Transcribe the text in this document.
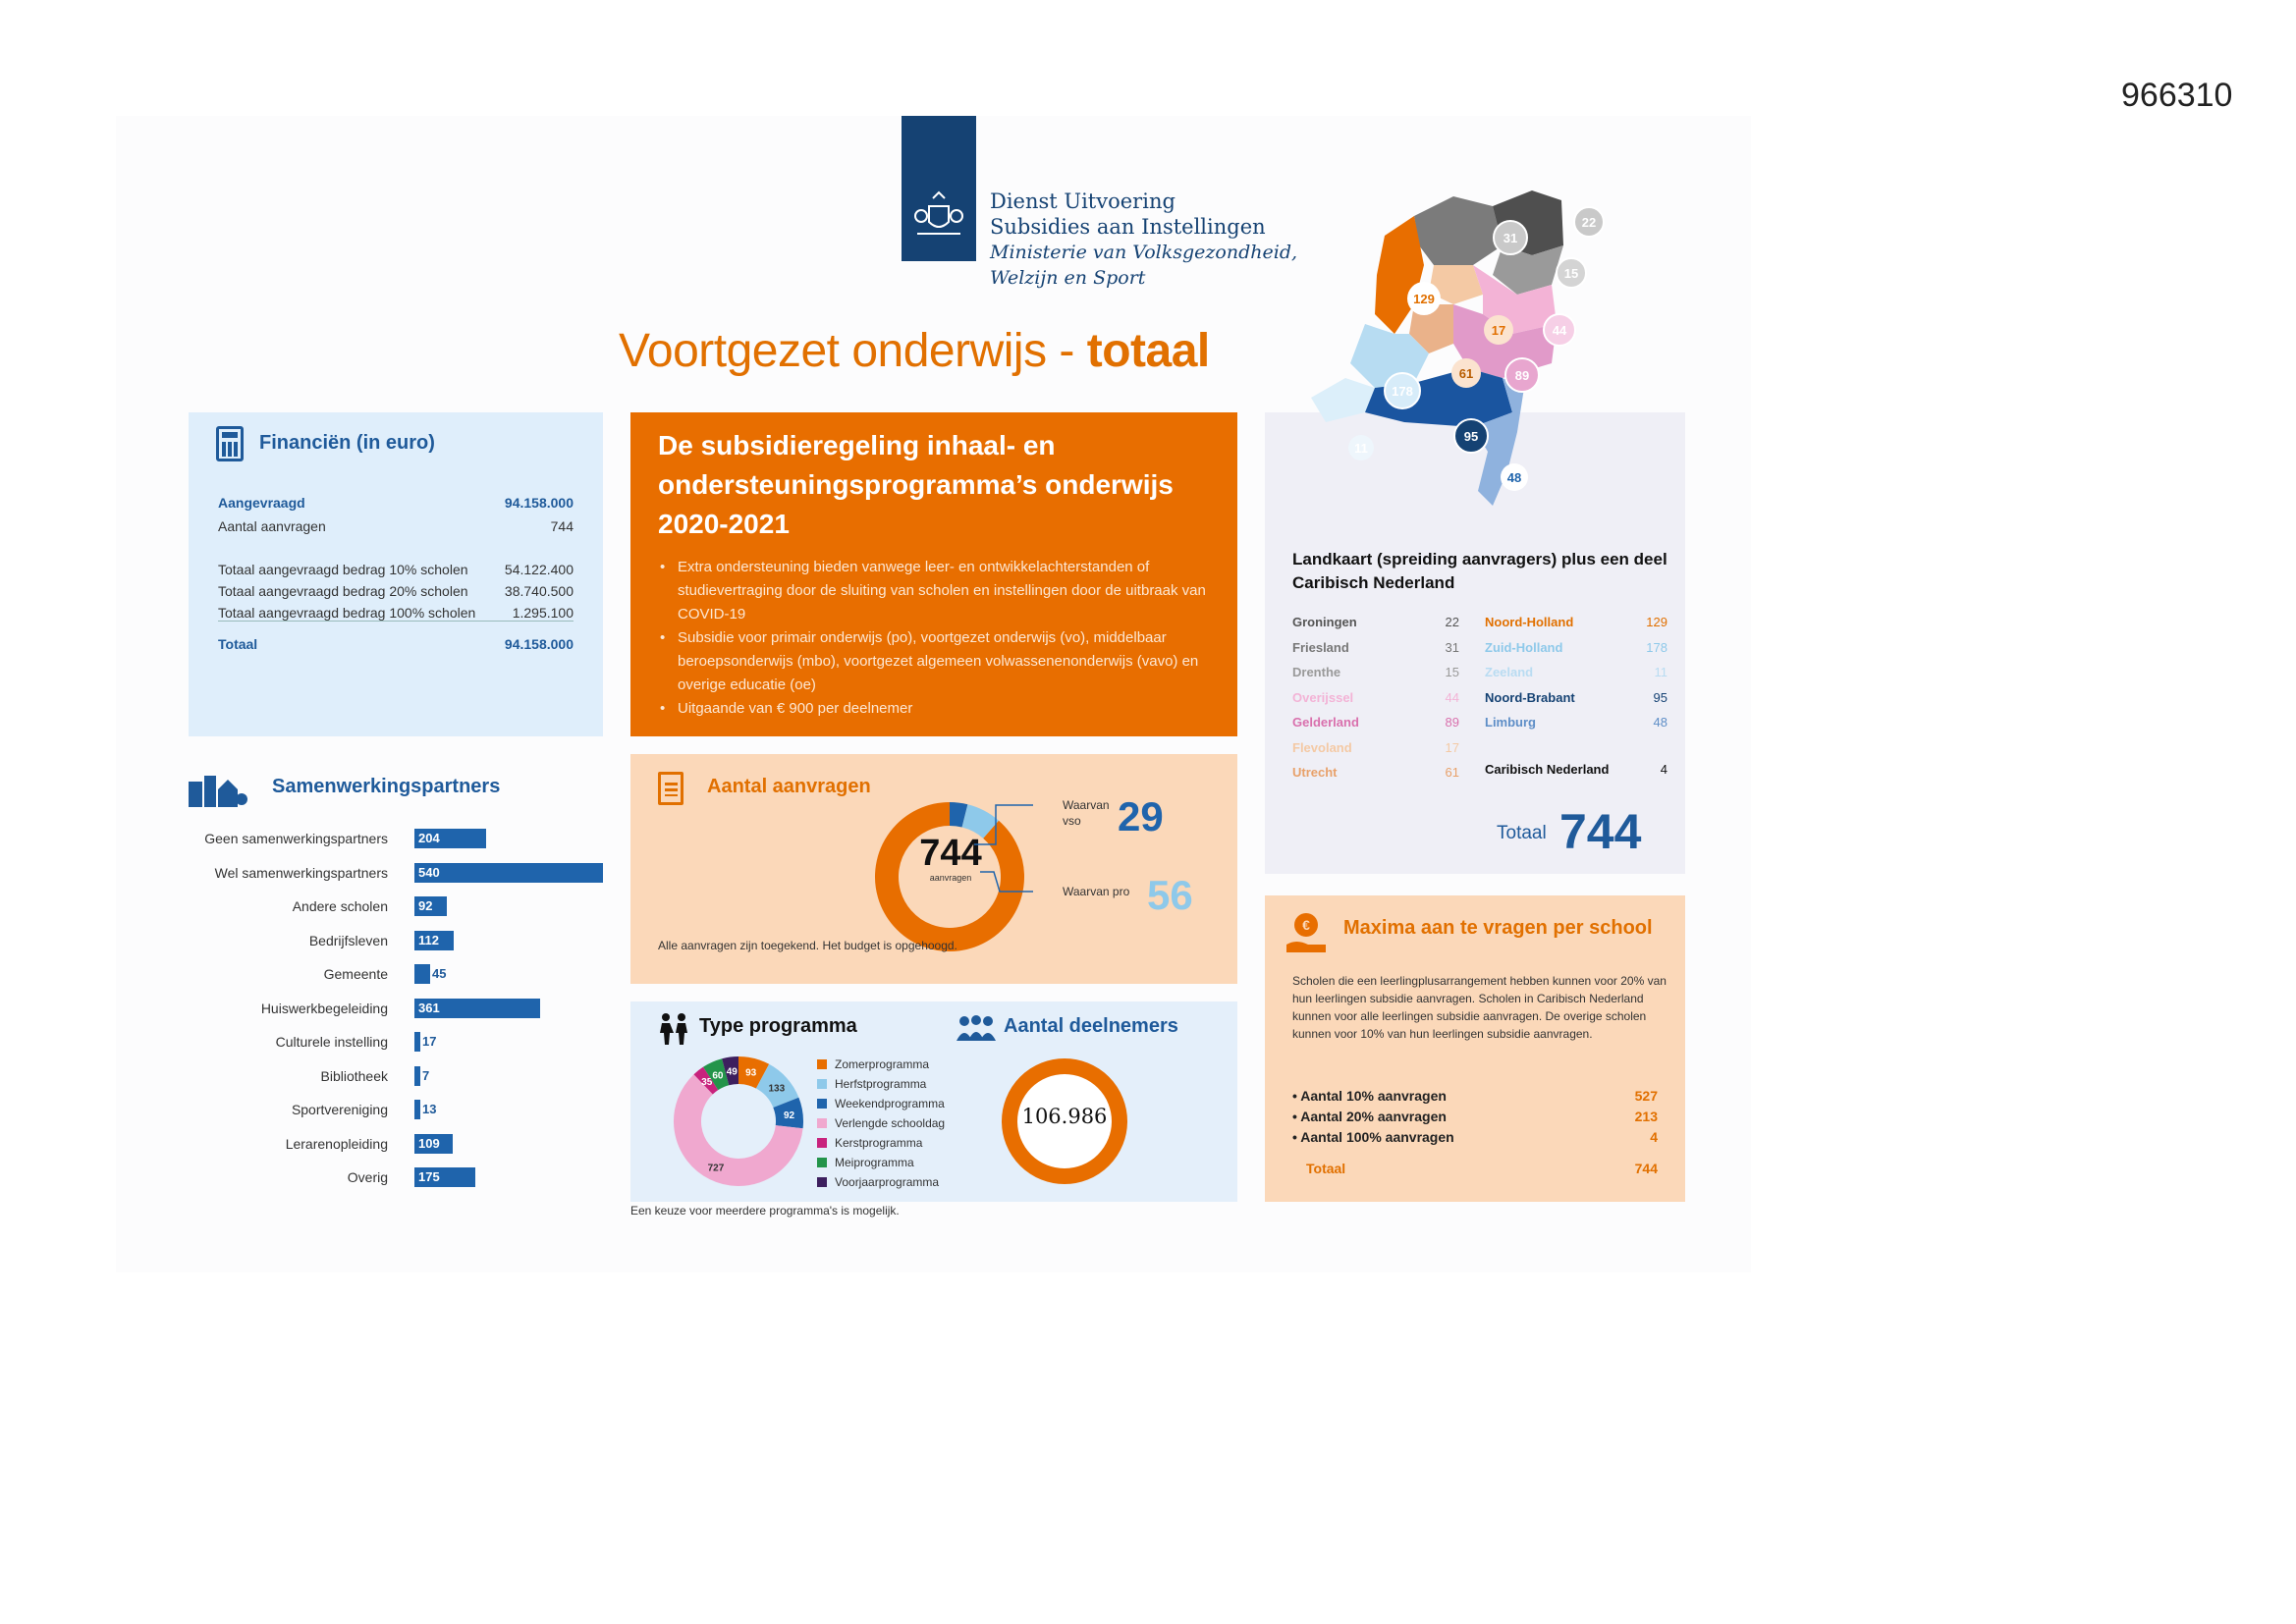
966310
Dienst Uitvoering
Subsidies aan Instellingen
Ministerie van Volksgezondheid,
Welzijn en Sport
Voortgezet onderwijs - totaal
Financiën (in euro)
Aangevraagd	94.158.000
Aantal aanvragen	744
Totaal aangevraagd bedrag 10% scholen	54.122.400
Totaal aangevraagd bedrag 20% scholen	38.740.500
Totaal aangevraagd bedrag 100% scholen	1.295.100
Totaal	94.158.000
De subsidieregeling inhaal- en ondersteuningsprogramma’s onderwijs 2020-2021
• Extra ondersteuning bieden vanwege leer- en ontwikkelachterstanden of studievertraging door de sluiting van scholen en instellingen door de uitbraak van COVID-19
• Subsidie voor primair onderwijs (po), voortgezet onderwijs (vo), middelbaar beroepsonderwijs (mbo), voortgezet algemeen volwassenenonderwijs (vavo) en overige educatie (oe)
• Uitgaande van € 900 per deelnemer
Samenwerkingspartners
Geen samenwerkingspartners 204
Wel samenwerkingspartners 540
Andere scholen 92
Bedrijfsleven 112
Gemeente	45
Huiswerkbegeleiding 361
Culturele instelling	17
Bibliotheek	7
Sportvereniging	13
Lerarenopleiding 109
Overig 175
Aantal aanvragen
744
aanvragen
Waarvan
vso 29
Waarvan pro 56
Alle aanvragen zijn toegekend. Het budget is opgehoogd.
Type programma
93
133
92
727
35
60 49
Zomerprogramma
Herfstprogramma
Weekendprogramma
Verlengde schooldag
Kerstprogramma
Meiprogramma
Voorjaarprogramma
Aantal deelnemers
106.986
Een keuze voor meerdere programma's is mogelijk.
Landkaart (spreiding aanvragers) plus een deel Caribisch Nederland
Groningen	22
Friesland	31
Drenthe	15
Overijssel	44
Gelderland	89
Flevoland	17
Utrecht	61
Noord-Holland	129
Zuid-Holland	178
Zeeland	11
Noord-Brabant	95
Limburg	48
Caribisch Nederland	4
Totaal 744
31
22
15
129
17	44
61	89
178
11
95
48
€ Maxima aan te vragen per school
Scholen die een leerlingplusarrangement hebben kunnen voor 20% van hun leerlingen subsidie aanvragen. Scholen in Caribisch Nederland kunnen voor alle leerlingen subsidie aanvragen. De overige scholen kunnen voor 10% van hun leerlingen subsidie aanvragen.
• Aantal 10% aanvragen	527
• Aantal 20% aanvragen	213
• Aantal 100% aanvragen	4
Totaal	744
